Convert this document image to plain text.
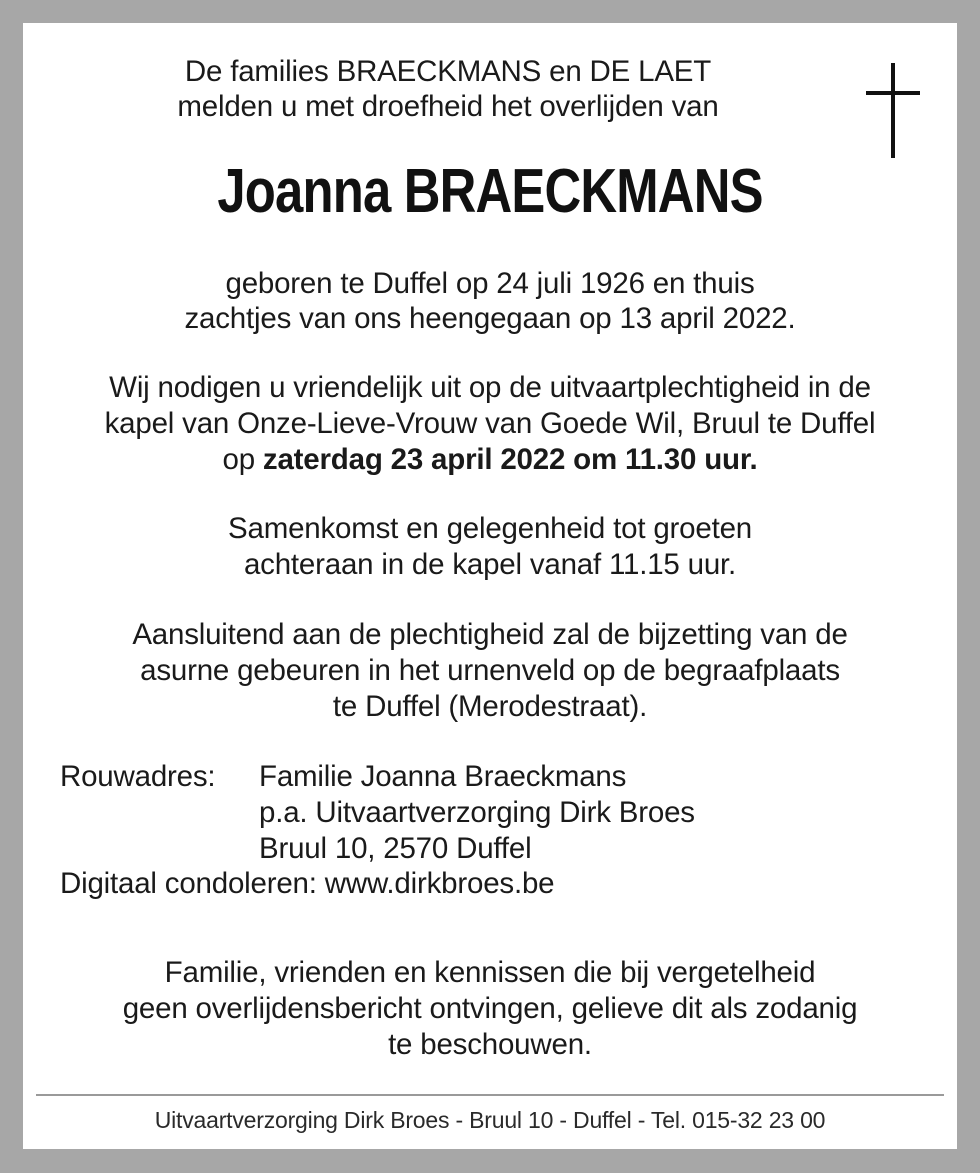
De families BRAECKMANS en DE LAET
melden u met droefheid het overlijden van
Joanna BRAECKMANS
geboren te Duffel op 24 juli 1926 en thuis
zachtjes van ons heengegaan op 13 april 2022.
Wij nodigen u vriendelijk uit op de uitvaartplechtigheid in de
kapel van Onze-Lieve-Vrouw van Goede Wil, Bruul te Duffel
op zaterdag 23 april 2022 om 11.30 uur.
Samenkomst en gelegenheid tot groeten
achteraan in de kapel vanaf 11.15 uur.
Aansluitend aan de plechtigheid zal de bijzetting van de
asurne gebeuren in het urnenveld op de begraafplaats
te Duffel (Merodestraat).
Rouwadres: Familie Joanna Braeckmans
p.a. Uitvaartverzorging Dirk Broes
Bruul 10, 2570 Duffel
Digitaal condoleren: www.dirkbroes.be
Familie, vrienden en kennissen die bij vergetelheid
geen overlijdensbericht ontvingen, gelieve dit als zodanig
te beschouwen.
Uitvaartverzorging Dirk Broes - Bruul 10 - Duffel - Tel. 015-32 23 00
